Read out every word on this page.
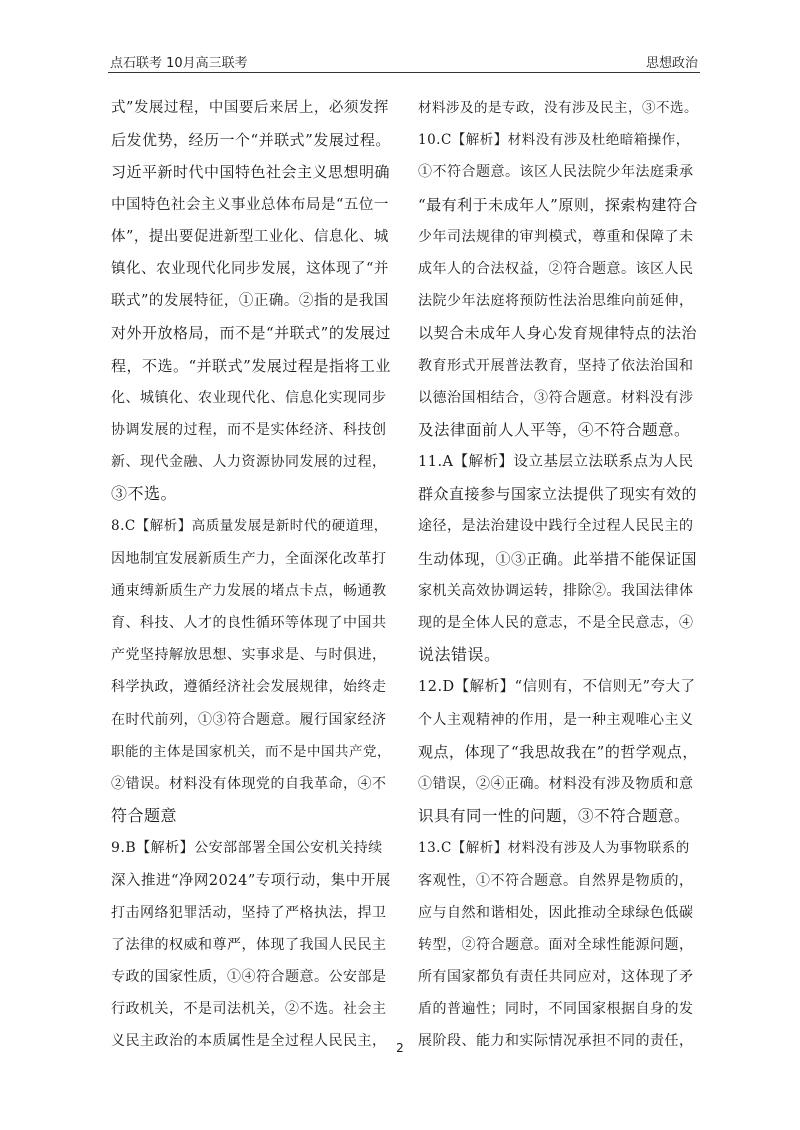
点石联考 10月高三联考	思想政治
式”发展过程，中国要后来居上，必须发挥
后发优势，经历一个“并联式”发展过程。
习近平新时代中国特色社会主义思想明确
中国特色社会主义事业总体布局是“五位一
体”，提出要促进新型工业化、信息化、城
镇化、农业现代化同步发展，这体现了“并
联式”的发展特征，①正确。②指的是我国
对外开放格局，而不是“并联式”的发展过
程，不选。“并联式”发展过程是指将工业
化、城镇化、农业现代化、信息化实现同步
协调发展的过程，而不是实体经济、科技创
新、现代金融、人力资源协同发展的过程，
③不选。
8.C【解析】高质量发展是新时代的硬道理，
因地制宜发展新质生产力，全面深化改革打
通束缚新质生产力发展的堵点卡点，畅通教
育、科技、人才的良性循环等体现了中国共
产党坚持解放思想、实事求是、与时俱进，
科学执政，遵循经济社会发展规律，始终走
在时代前列，①③符合题意。履行国家经济
职能的主体是国家机关，而不是中国共产党，
②错误。材料没有体现党的自我革命，④不
符合题意
9.B【解析】公安部部署全国公安机关持续
深入推进“净网2024”专项行动，集中开展
打击网络犯罪活动，坚持了严格执法，捍卫
了法律的权威和尊严，体现了我国人民民主
专政的国家性质，①④符合题意。公安部是
行政机关，不是司法机关，②不选。社会主
义民主政治的本质属性是全过程人民民主，
材料涉及的是专政，没有涉及民主，③不选。
10.C【解析】材料没有涉及杜绝暗箱操作，
①不符合题意。该区人民法院少年法庭秉承
“最有利于未成年人”原则，探索构建符合
少年司法规律的审判模式，尊重和保障了未
成年人的合法权益，②符合题意。该区人民
法院少年法庭将预防性法治思维向前延伸，
以契合未成年人身心发育规律特点的法治
教育形式开展普法教育，坚持了依法治国和
以德治国相结合，③符合题意。材料没有涉
及法律面前人人平等，④不符合题意。
11.A【解析】设立基层立法联系点为人民
群众直接参与国家立法提供了现实有效的
途径，是法治建设中践行全过程人民民主的
生动体现，①③正确。此举措不能保证国
家机关高效协调运转，排除②。我国法律体
现的是全体人民的意志，不是全民意志，④
说法错误。
12.D【解析】“信则有，不信则无”夸大了
个人主观精神的作用，是一种主观唯心主义
观点，体现了“我思故我在”的哲学观点，
①错误，②④正确。材料没有涉及物质和意
识具有同一性的问题，③不符合题意。
13.C【解析】材料没有涉及人为事物联系的
客观性，①不符合题意。自然界是物质的，
应与自然和谐相处，因此推动全球绿色低碳
转型，②符合题意。面对全球性能源问题，
所有国家都负有责任共同应对，这体现了矛
盾的普遍性；同时，不同国家根据自身的发
展阶段、能力和实际情况承担不同的责任，
2
